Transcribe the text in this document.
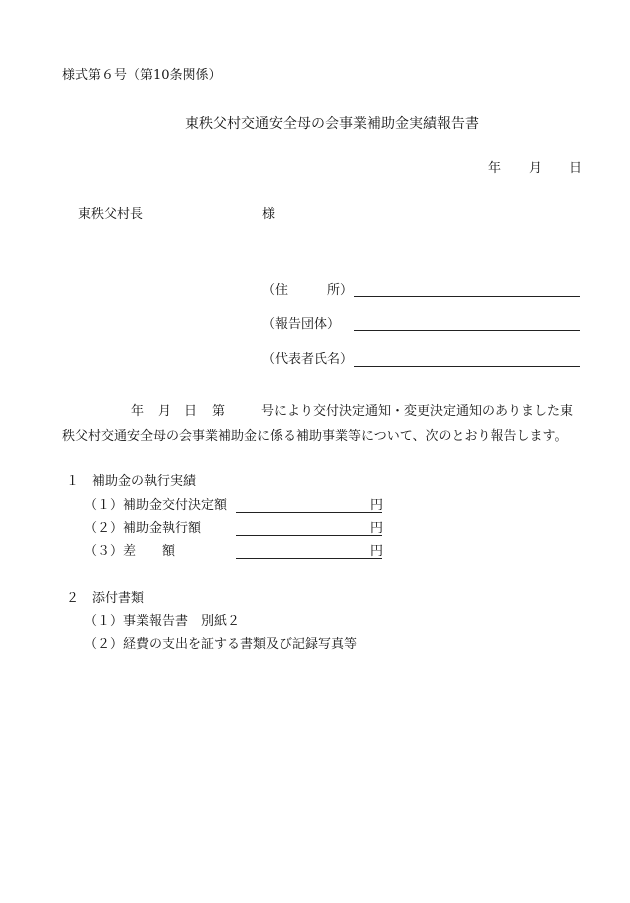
様式第６号（第10条関係）
東秩父村交通安全母の会事業補助金実績報告書
年 月 日
東秩父村長	様
（住　　　所）
（報告団体）
（代表者氏名）
年 月 日 第	号により交付決定通知・変更決定通知のありました東
秩父村交通安全母の会事業補助金に係る補助事業等について、次のとおり報告します。
１　補助金の執行実績
（１）補助金交付決定額	円
（２）補助金執行額	円
（３）差　　額	円
２　添付書類
（１）事業報告書　別紙２
（２）経費の支出を証する書類及び記録写真等
